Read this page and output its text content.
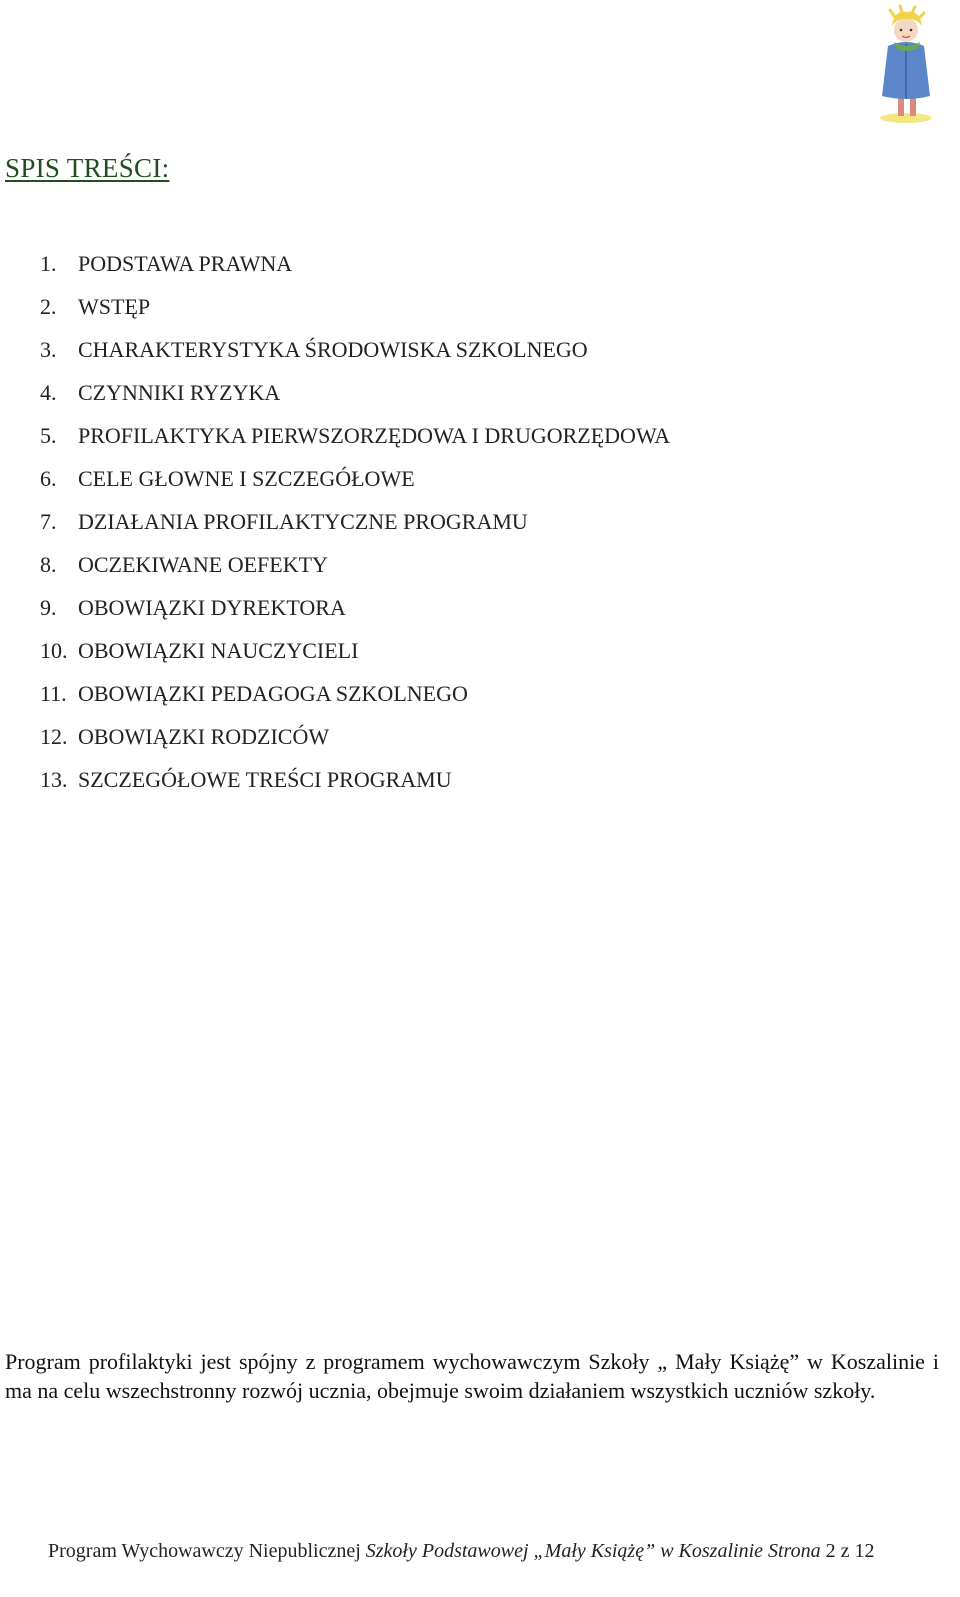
SPIS TREŚCI:
1. PODSTAWA PRAWNA
2. WSTĘP
3. CHARAKTERYSTYKA ŚRODOWISKA SZKOLNEGO
4. CZYNNIKI RYZYKA
5. PROFILAKTYKA PIERWSZORZĘDOWA I DRUGORZĘDOWA
6. CELE GŁOWNE I SZCZEGÓŁOWE
7. DZIAŁANIA PROFILAKTYCZNE PROGRAMU
8. OCZEKIWANE OEFEKTY
9. OBOWIĄZKI DYREKTORA
10. OBOWIĄZKI NAUCZYCIELI
11. OBOWIĄZKI PEDAGOGA SZKOLNEGO
12. OBOWIĄZKI RODZICÓW
13. SZCZEGÓŁOWE TREŚCI PROGRAMU

Program profilaktyki jest spójny z programem wychowawczym Szkoły „ Mały Książę” w Koszalinie i ma na celu wszechstronny rozwój ucznia, obejmuje swoim działaniem wszystkich uczniów szkoły.

Program Wychowawczy Niepublicznej Szkoły Podstawowej „Mały Książę” w Koszalinie Strona 2 z 12
